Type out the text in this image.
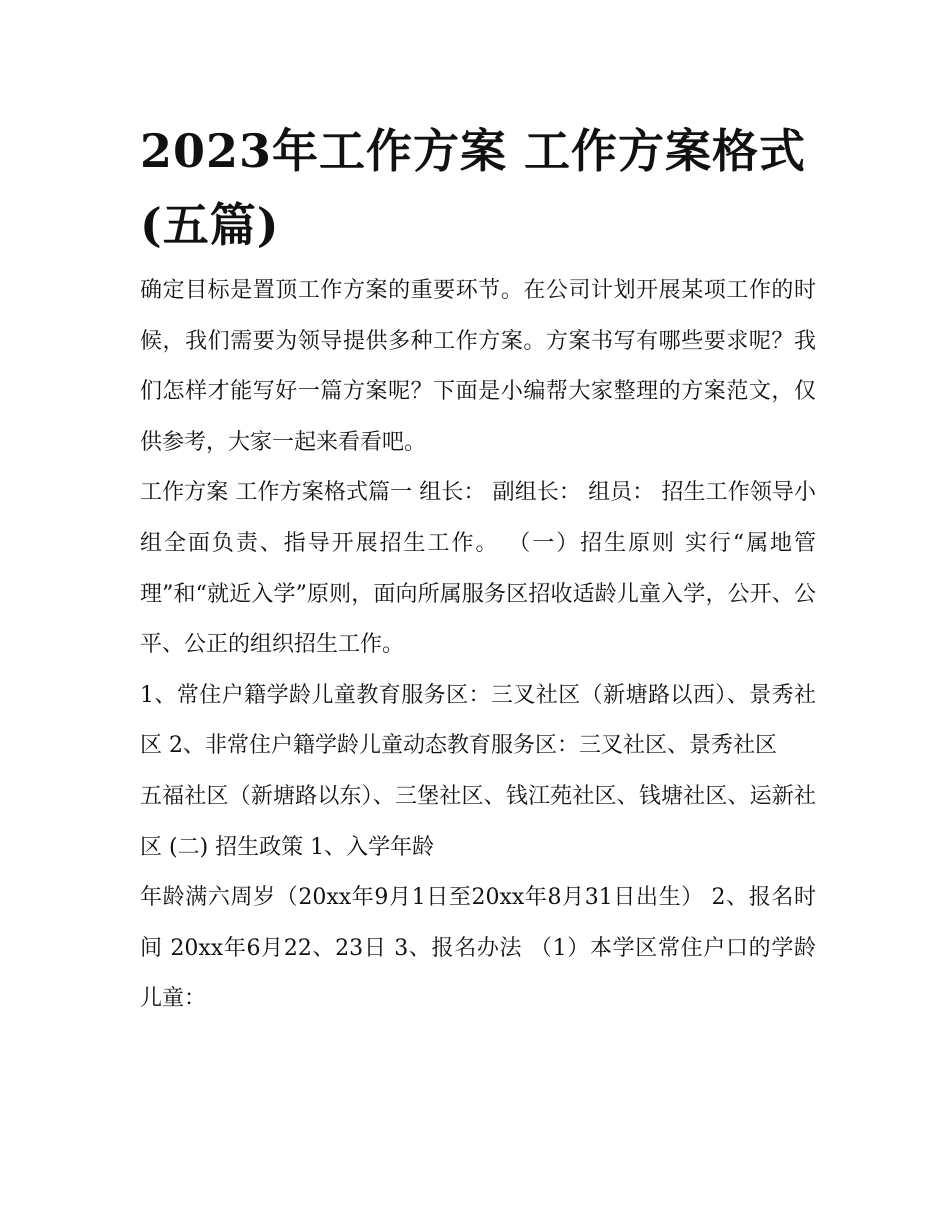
2023年工作方案 工作方案格式(五篇)

确定目标是置顶工作方案的重要环节。在公司计划开展某项工作的时候，我们需要为领导提供多种工作方案。方案书写有哪些要求呢？我们怎样才能写好一篇方案呢？下面是小编帮大家整理的方案范文，仅供参考，大家一起来看看吧。

工作方案 工作方案格式篇一 组长： 副组长： 组员： 招生工作领导小组全面负责、指导开展招生工作。 （一）招生原则 实行“属地管理”和“就近入学”原则，面向所属服务区招收适龄儿童入学，公开、公平、公正的组织招生工作。

1、常住户籍学龄儿童教育服务区：三叉社区（新塘路以西）、景秀社区 2、非常住户籍学龄儿童动态教育服务区：三叉社区、景秀社区

五福社区（新塘路以东）、三堡社区、钱江苑社区、钱塘社区、运新社区 (二) 招生政策 1、入学年龄

年龄满六周岁（20xx年9月1日至20xx年8月31日出生） 2、报名时间 20xx年6月22、23日 3、报名办法 （1）本学区常住户口的学龄儿童：
